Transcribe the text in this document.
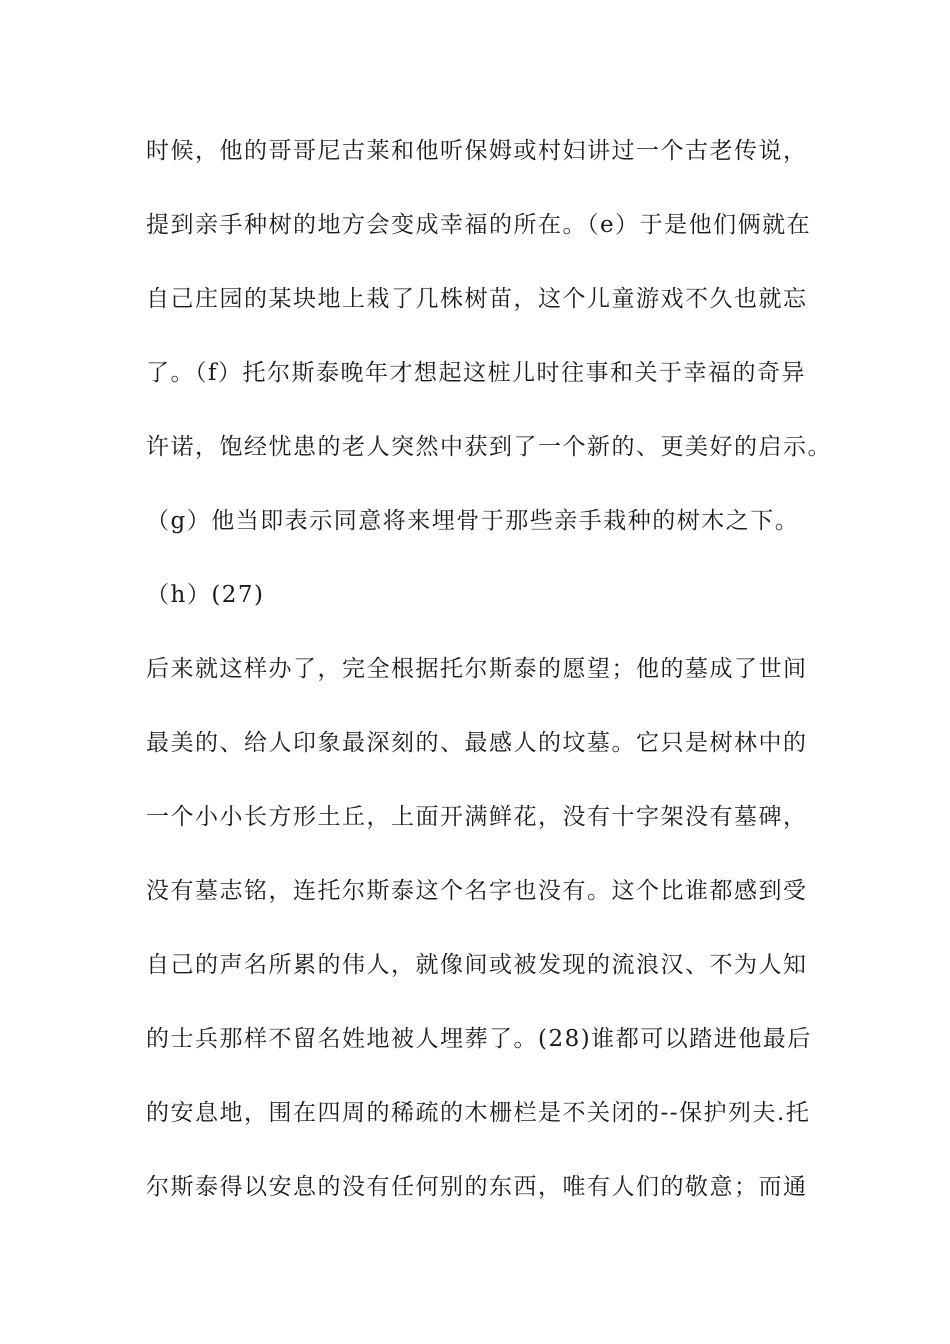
时候，他的哥哥尼古莱和他听保姆或村妇讲过一个古老传说，
提到亲手种树的地方会变成幸福的所在。（e）于是他们俩就在
自己庄园的某块地上栽了几株树苗，这个儿童游戏不久也就忘
了。（f）托尔斯泰晚年才想起这桩儿时往事和关于幸福的奇异
许诺，饱经忧患的老人突然中获到了一个新的、更美好的启示。
（g）他当即表示同意将来埋骨于那些亲手栽种的树木之下。
（h）(27)
后来就这样办了，完全根据托尔斯泰的愿望；他的墓成了世间
最美的、给人印象最深刻的、最感人的坟墓。它只是树林中的
一个小小长方形土丘，上面开满鲜花，没有十字架没有墓碑，
没有墓志铭，连托尔斯泰这个名字也没有。这个比谁都感到受
自己的声名所累的伟人，就像间或被发现的流浪汉、不为人知
的士兵那样不留名姓地被人埋葬了。(28)谁都可以踏进他最后
的安息地，围在四周的稀疏的木栅栏是不关闭的--保护列夫.托
尔斯泰得以安息的没有任何别的东西，唯有人们的敬意；而通
